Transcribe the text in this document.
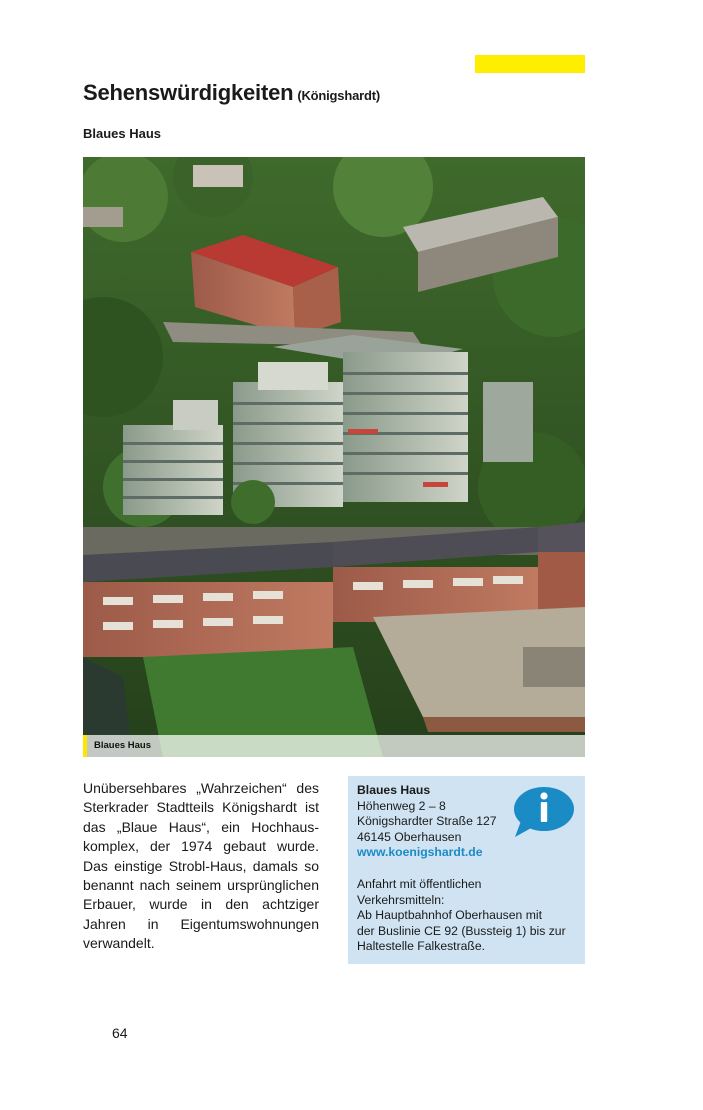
Sehenswürdigkeiten (Königshardt)
Blaues Haus
Blaues Haus

Unübersehbares „Wahrzeichen“ des Sterkrader Stadtteils Königshardt ist das „Blaue Haus“, ein Hochhauskomplex, der 1974 gebaut wurde. Das einstige Strobl-Haus, damals so benannt nach seinem ursprünglichen Erbauer, wurde in den achtziger Jahren in Eigentumswohnungen verwandelt.

Blaues Haus
Höhenweg 2 – 8
Königshardter Straße 127
46145 Oberhausen
www.koenigshardt.de
Anfahrt mit öffentlichen
Verkehrsmitteln:
Ab Hauptbahnhof Oberhausen mit
der Buslinie CE 92 (Bussteig 1) bis zur
Haltestelle Falkestraße.
64
